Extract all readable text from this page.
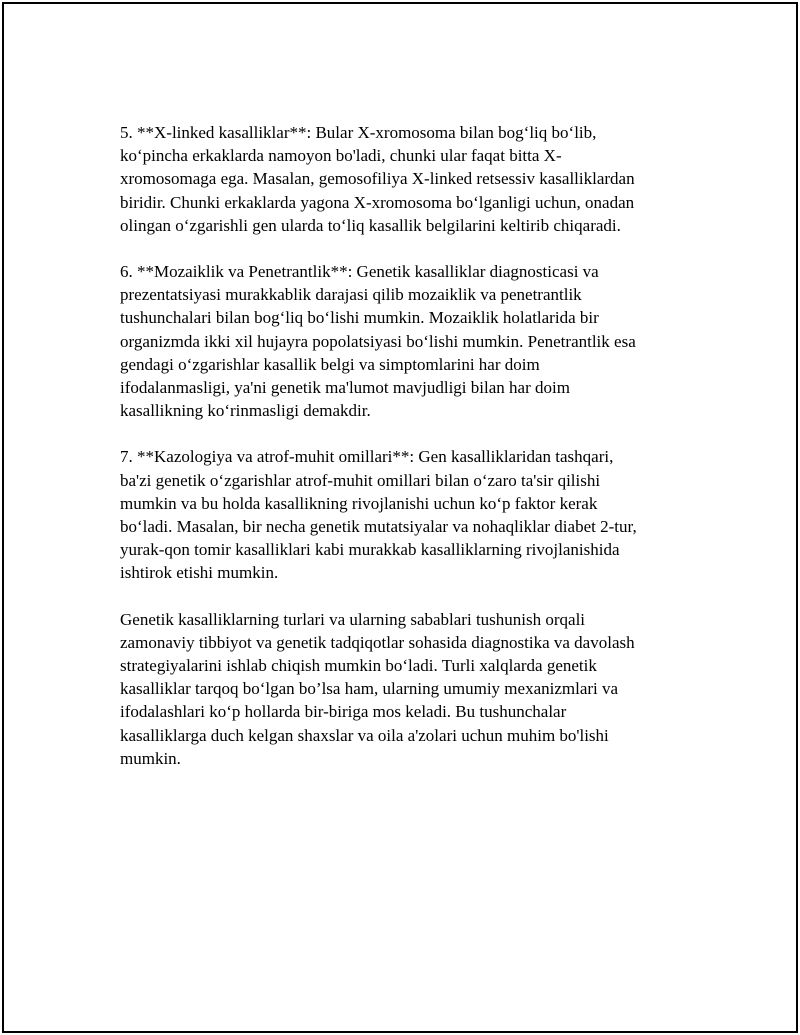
5. **X-linked kasalliklar**: Bular X-xromosoma bilan bog‘liq bo‘lib,
ko‘pincha erkaklarda namoyon bo'ladi, chunki ular faqat bitta X-
xromosomaga ega. Masalan, gemosofiliya X-linked retsessiv kasalliklardan
biridir. Chunki erkaklarda yagona X-xromosoma bo‘lganligi uchun, onadan
olingan o‘zgarishli gen ularda to‘liq kasallik belgilarini keltirib chiqaradi.

6. **Mozaiklik va Penetrantlik**: Genetik kasalliklar diagnosticasi va
prezentatsiyasi murakkablik darajasi qilib mozaiklik va penetrantlik
tushunchalari bilan bog‘liq bo‘lishi mumkin. Mozaiklik holatlarida bir
organizmda ikki xil hujayra popolatsiyasi bo‘lishi mumkin. Penetrantlik esa
gendagi o‘zgarishlar kasallik belgi va simptomlarini har doim
ifodalanmasligi, ya'ni genetik ma'lumot mavjudligi bilan har doim
kasallikning ko‘rinmasligi demakdir.

7. **Kazologiya va atrof-muhit omillari**: Gen kasalliklaridan tashqari,
ba'zi genetik o‘zgarishlar atrof-muhit omillari bilan o‘zaro ta'sir qilishi
mumkin va bu holda kasallikning rivojlanishi uchun ko‘p faktor kerak
bo‘ladi. Masalan, bir necha genetik mutatsiyalar va nohaqliklar diabet 2-tur,
yurak-qon tomir kasalliklari kabi murakkab kasalliklarning rivojlanishida
ishtirok etishi mumkin.

Genetik kasalliklarning turlari va ularning sabablari tushunish orqali
zamonaviy tibbiyot va genetik tadqiqotlar sohasida diagnostika va davolash
strategiyalarini ishlab chiqish mumkin bo‘ladi. Turli xalqlarda genetik
kasalliklar tarqoq bo‘lgan bo’lsa ham, ularning umumiy mexanizmlari va
ifodalashlari ko‘p hollarda bir-biriga mos keladi. Bu tushunchalar
kasalliklarga duch kelgan shaxslar va oila a'zolari uchun muhim bo'lishi
mumkin.
